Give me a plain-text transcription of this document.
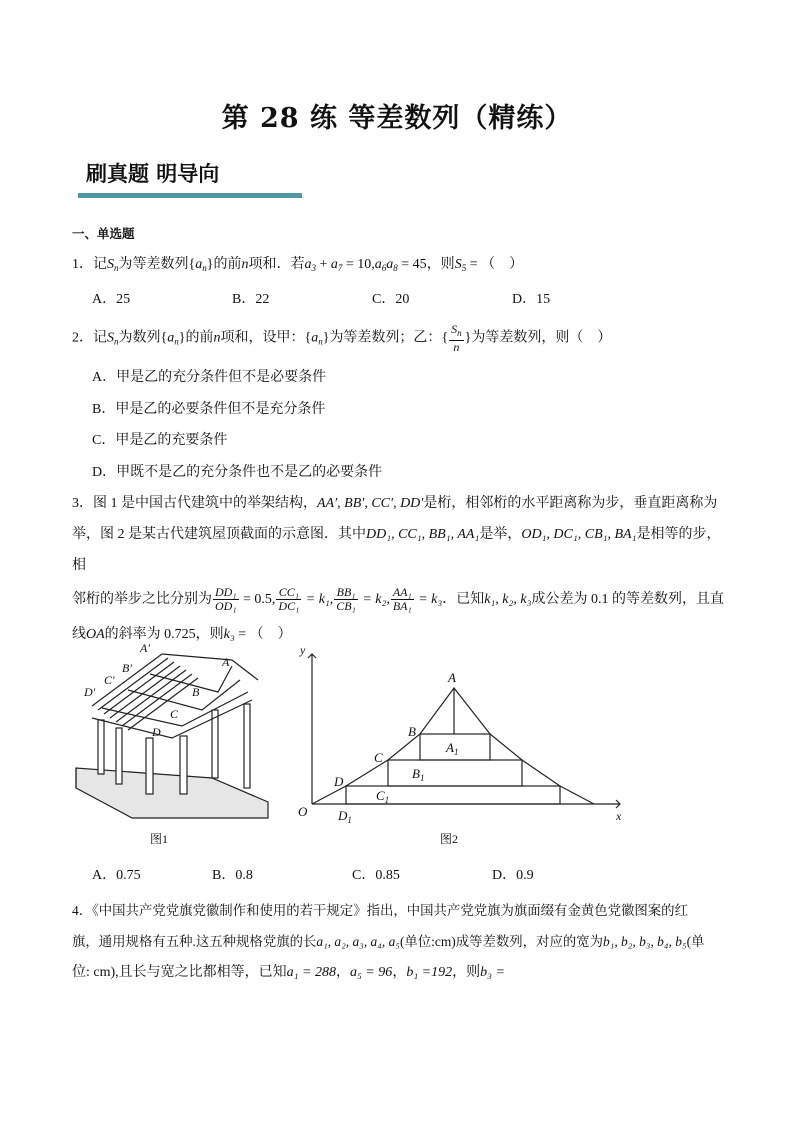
第 28 练 等差数列（精练）
刷真题 明导向
一、单选题
1．记$S_n$为等差数列$\{a_n\}$的前n项和．若$a_3 + a_7 = 10,a_6a_8 = 45$，则$S_5$ = （　）
A．25	B．22	C．20	D．15
2．记$S_n$为数列$\{a_n\}$的前n项和，设甲：$\{a_n\}$为等差数列；乙：{ $\frac{S_n}{n}$ }为等差数列，则（　）
A．甲是乙的充分条件但不是必要条件
B．甲是乙的必要条件但不是充分条件
C．甲是乙的充要条件
D．甲既不是乙的充分条件也不是乙的必要条件
3．图 1 是中国古代建筑中的举架结构，AA′, BB′, CC′, DD′是桁，相邻桁的水平距离称为步，垂直距离称为
举，图 2 是某古代建筑屋顶截面的示意图．其中DD₁, CC₁, BB₁, AA₁是举，OD₁, DC₁, CB₁, BA₁是相等的步，相
邻桁的举步之比分别为 $\frac{\text{DD₁}}{\text{OD₁}} = 0.5$, $\frac{\text{CC₁}}{\text{DC₁}} = k_1$, $\frac{\text{BB₁}}{\text{CB₁}} = k_2$, $\frac{\text{AA₁}}{\text{BA₁}} = k_3$．已知k₁, k₂, k₃成公差为 0.1 的等差数列，且直
线OA的斜率为 0.725，则k₃ = （　）
A′
A
B′
B
C′
C
D′
D
图1
y
x
O
A
$A_1$
B
$B_1$
C
$C_1$
D
$D_1$
图2
A．0.75	B．0.8	C．0.85	D．0.9
4．《中国共产党党旗党徽制作和使用的若干规定》指出，中国共产党党旗为旗面缀有金黄色党徽图案的红
旗，通用规格有五种.这五种规格党旗的长a₁, a₂, a₃, a₄, a₅(单位:cm)成等差数列，对应的宽为b₁, b₂, b₃, b₄, b₅(单
位: cm),且长与宽之比都相等，已知a₁ = 288，a₅ = 96，b₁ =192，则b₃ =
